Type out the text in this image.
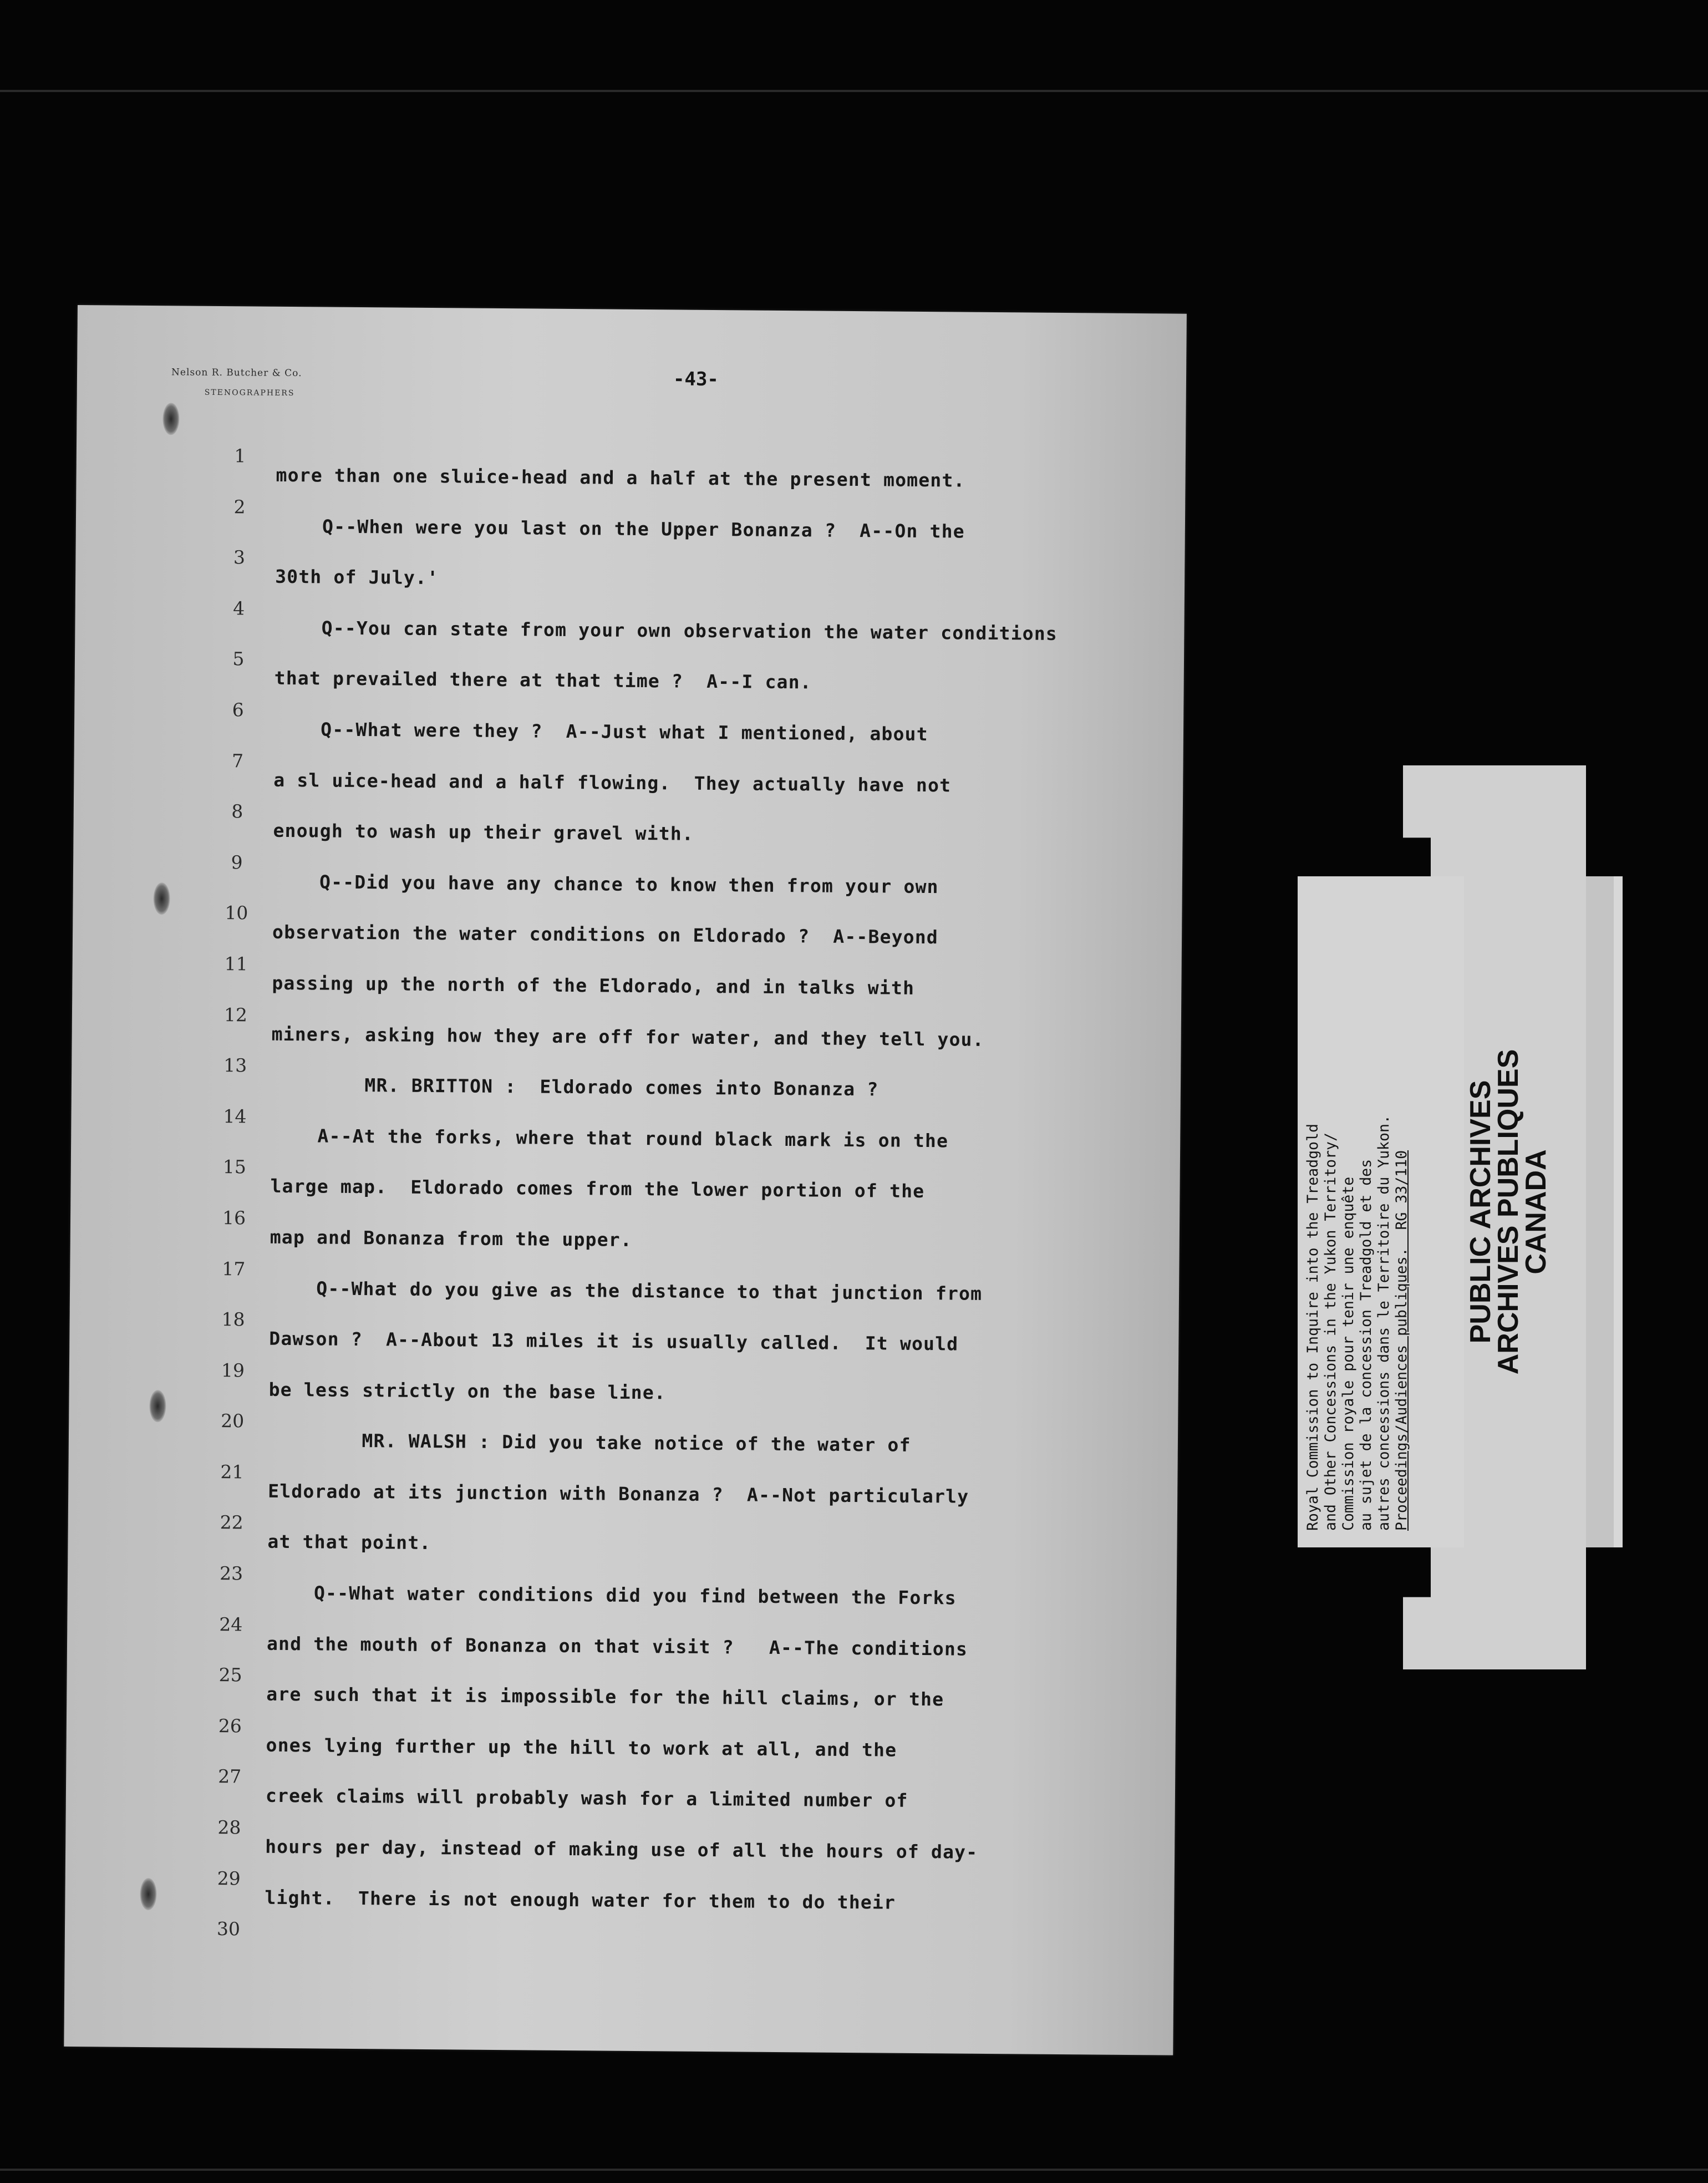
Nelson R. Butcher & Co.
STENOGRAPHERS
-43-
1
more than one sluice-head and a half at the present moment.
2
Q--When were you last on the Upper Bonanza ?  A--On the
3
30th of July.'
4
Q--You can state from your own observation the water conditions
5
that prevailed there at that time ?  A--I can.
6
Q--What were they ?  A--Just what I mentioned, about
7
a sl uice-head and a half flowing.  They actually have not
8
enough to wash up their gravel with.
9
Q--Did you have any chance to know then from your own
10
observation the water conditions on Eldorado ?  A--Beyond
11
passing up the north of the Eldorado, and in talks with
12
miners, asking how they are off for water, and they tell you.
13
MR. BRITTON :  Eldorado comes into Bonanza ?
14
A--At the forks, where that round black mark is on the
15
large map.  Eldorado comes from the lower portion of the
16
map and Bonanza from the upper.
17
Q--What do you give as the distance to that junction from
18
Dawson ?  A--About 13 miles it is usually called.  It would
19
be less strictly on the base line.
20
MR. WALSH : Did you take notice of the water of
21
Eldorado at its junction with Bonanza ?  A--Not particularly
22
at that point.
23
Q--What water conditions did you find between the Forks
24
and the mouth of Bonanza on that visit ?   A--The conditions
25
are such that it is impossible for the hill claims, or the
26
ones lying further up the hill to work at all, and the
27
creek claims will probably wash for a limited number of
28
hours per day, instead of making use of all the hours of day-
29
light.  There is not enough water for them to do their
30
Royal Commission to Inquire into the Treadgold and Other Concessions in the Yukon Territory/ Commission royale pour tenir une enquête au sujet de la concession Treadgold et des autres concessions dans le Territoire du Yukon. Proceedings/Audiences publiques.  RG 33/110 PUBLIC ARCHIVES
ARCHIVES PUBLIQUES
CANADA
